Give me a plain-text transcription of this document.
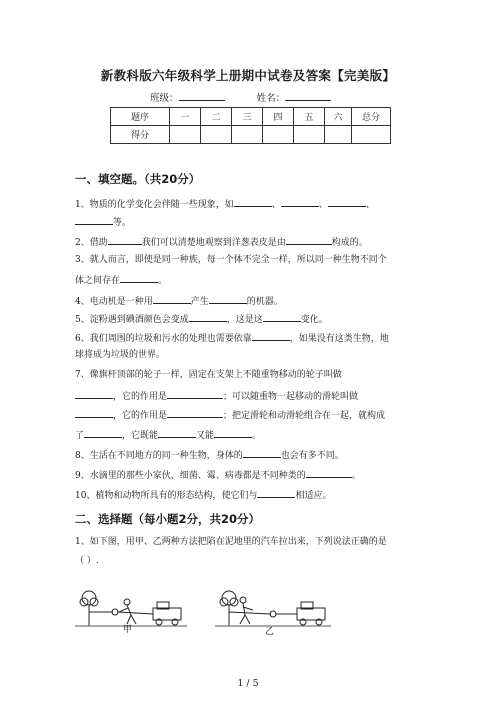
新教科版六年级科学上册期中试卷及答案【完美版】
班级：	姓名：
题序	一	二	三	四	五	六	总分
得分							
一、填空题。（共20分）
1、物质的化学变化会伴随一些现象，如	、	、	、
等。
2、借助	我们可以清楚地观察到洋葱表皮是由	构成的。
3、就人而言，即使是同一种族，每一个体不完全一样，所以同一种生物不同个
体之间存在	。
4、电动机是一种用	产生	的机器。
5、淀粉遇到碘酒颜色会变成	，这是这	变化。
6、我们周围的垃圾和污水的处理也需要依靠	，如果没有这类生物，地
球将成为垃圾的世界。
7、像旗杆顶部的轮子一样，固定在支架上不随重物移动的轮子叫做
，它的作用是	；可以随重物一起移动的滑轮叫做
，它的作用是	；把定滑轮和动滑轮组合在一起，就构成
了	，它既能	又能	。
8、生活在不同地方的同一种生物，身体的	也会有多不同。
9、水滴里的那些小家伙，细菌、霉、病毒都是不同种类的	。
10、植物和动物所具有的形态结构，使它们与	相适应。
二、选择题（每小题2分，共20分）
1、如下图，用甲、乙两种方法把陷在泥地里的汽车拉出来，下列说法正确的是
（ ）.
甲	乙
1 / 5
